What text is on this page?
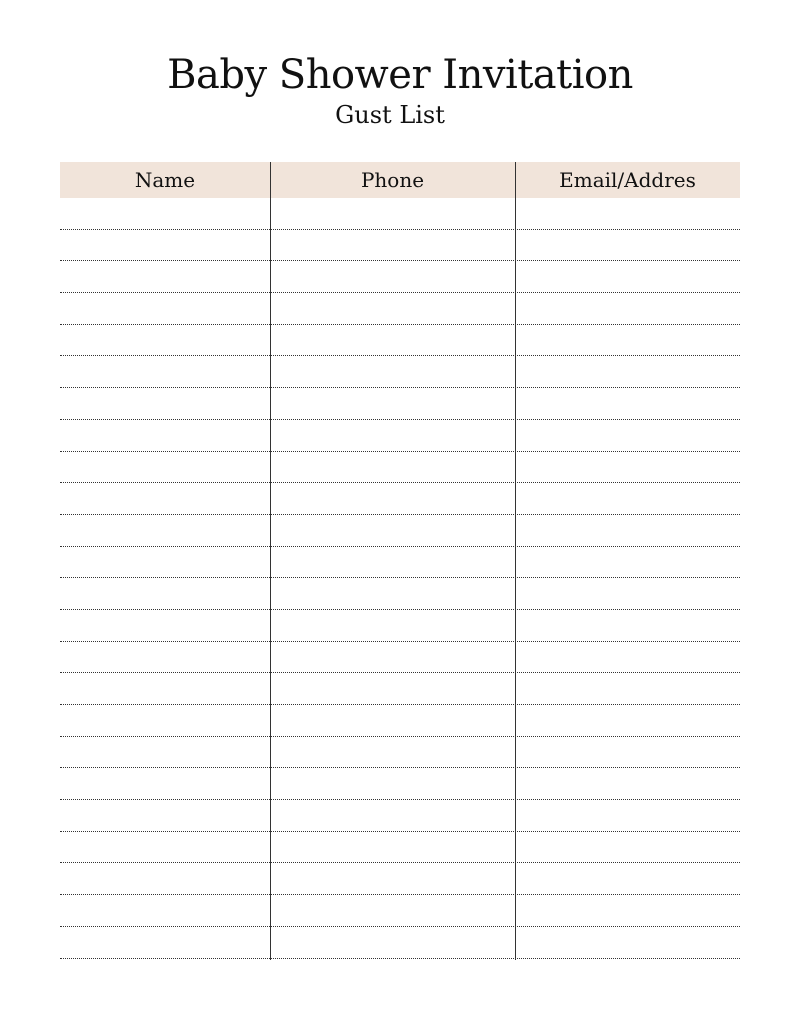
Baby Shower Invitation
Gust List
Name	Phone	Email/Addres
